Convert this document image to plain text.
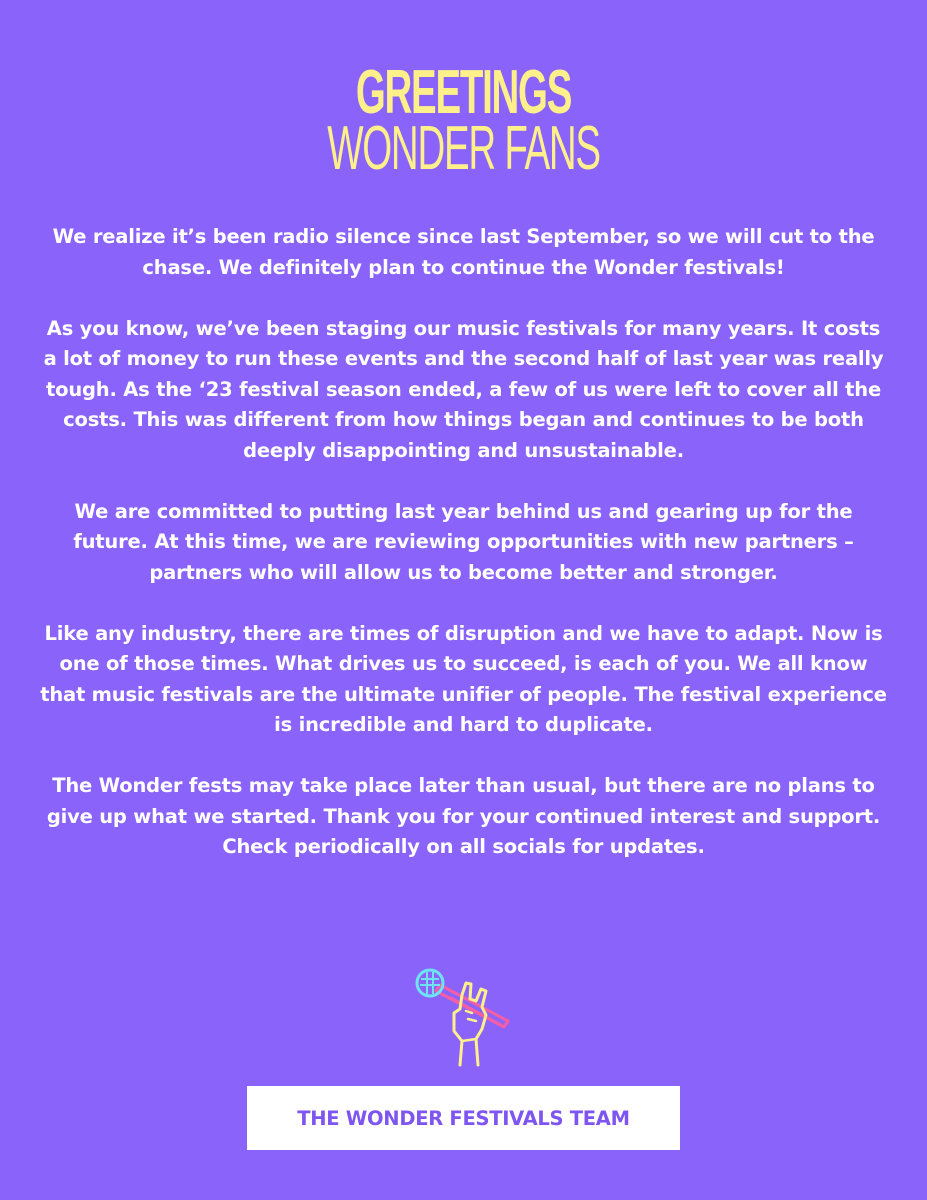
GREETINGS
WONDER FANS

We realize it’s been radio silence since last September, so we will cut to the chase. We definitely plan to continue the Wonder festivals!

As you know, we’ve been staging our music festivals for many years. It costs a lot of money to run these events and the second half of last year was really tough. As the ‘23 festival season ended, a few of us were left to cover all the costs. This was different from how things began and continues to be both deeply disappointing and unsustainable.

We are committed to putting last year behind us and gearing up for the future. At this time, we are reviewing opportunities with new partners – partners who will allow us to become better and stronger.

Like any industry, there are times of disruption and we have to adapt. Now is one of those times. What drives us to succeed, is each of you. We all know that music festivals are the ultimate unifier of people. The festival experience is incredible and hard to duplicate.

The Wonder fests may take place later than usual, but there are no plans to give up what we started. Thank you for your continued interest and support. Check periodically on all socials for updates.

THE WONDER FESTIVALS TEAM
